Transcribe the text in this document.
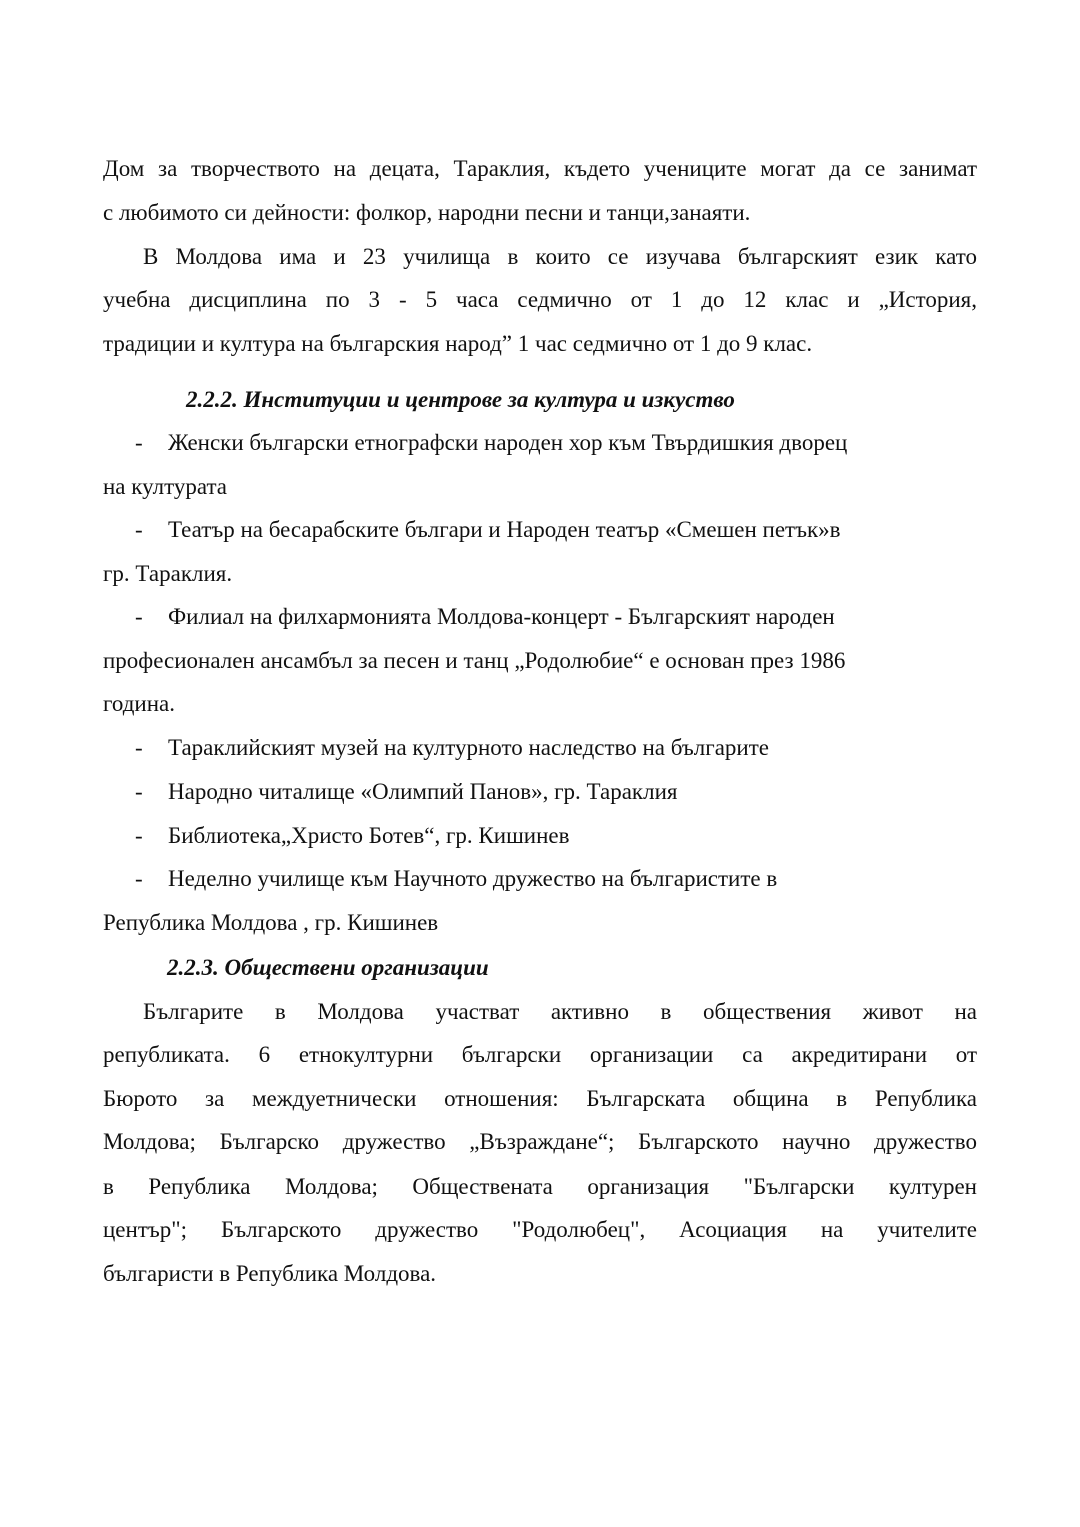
Дом за творчеството на децата, Тараклия, където учениците могат да се занимат
с любимото си дейности: фолкор, народни песни и танци,занаяти.
В Молдова има и 23 училища в които се изучава българският език като
учебна дисциплина по 3 - 5 часа седмично от 1 до 12 клас и „История,
традиции и култура на българския народ” 1 час седмично от 1 до 9 клас.
2.2.2. Институции и центрове за култура и изкуство
- Женски български етнографски народен хор към Твърдишкия дворец
на културата
- Театър на бесарабските българи и Народен театър «Смешен петък»в
гр. Тараклия.
- Филиал на филхармонията Молдова-концерт - Българският народен
професионален ансамбъл за песен и танц „Родолюбие“ е основан през 1986
година.
- Тараклийският музей на културното наследство на българите
- Народно читалище «Олимпий Панов», гр. Тараклия
- Библиотека„Христо Ботев“, гр. Кишинев
- Неделно училище към Научното дружество на българистите в
Република Молдова , гр. Кишинев
2.2.3. Обществени организации
Българите в Молдова участват активно в обществения живот на
републиката. 6 етнокултурни български организации са акредитирани от
Бюрото за междуетнически отношения: Българската община в Република
Молдова; Българско дружество „Възраждане“; Българското научно дружество
в Република Молдова; Обществената организация "Български културен
център"; Българското дружество "Родолюбец", Асоциация на учителите
българисти в Република Молдова.
